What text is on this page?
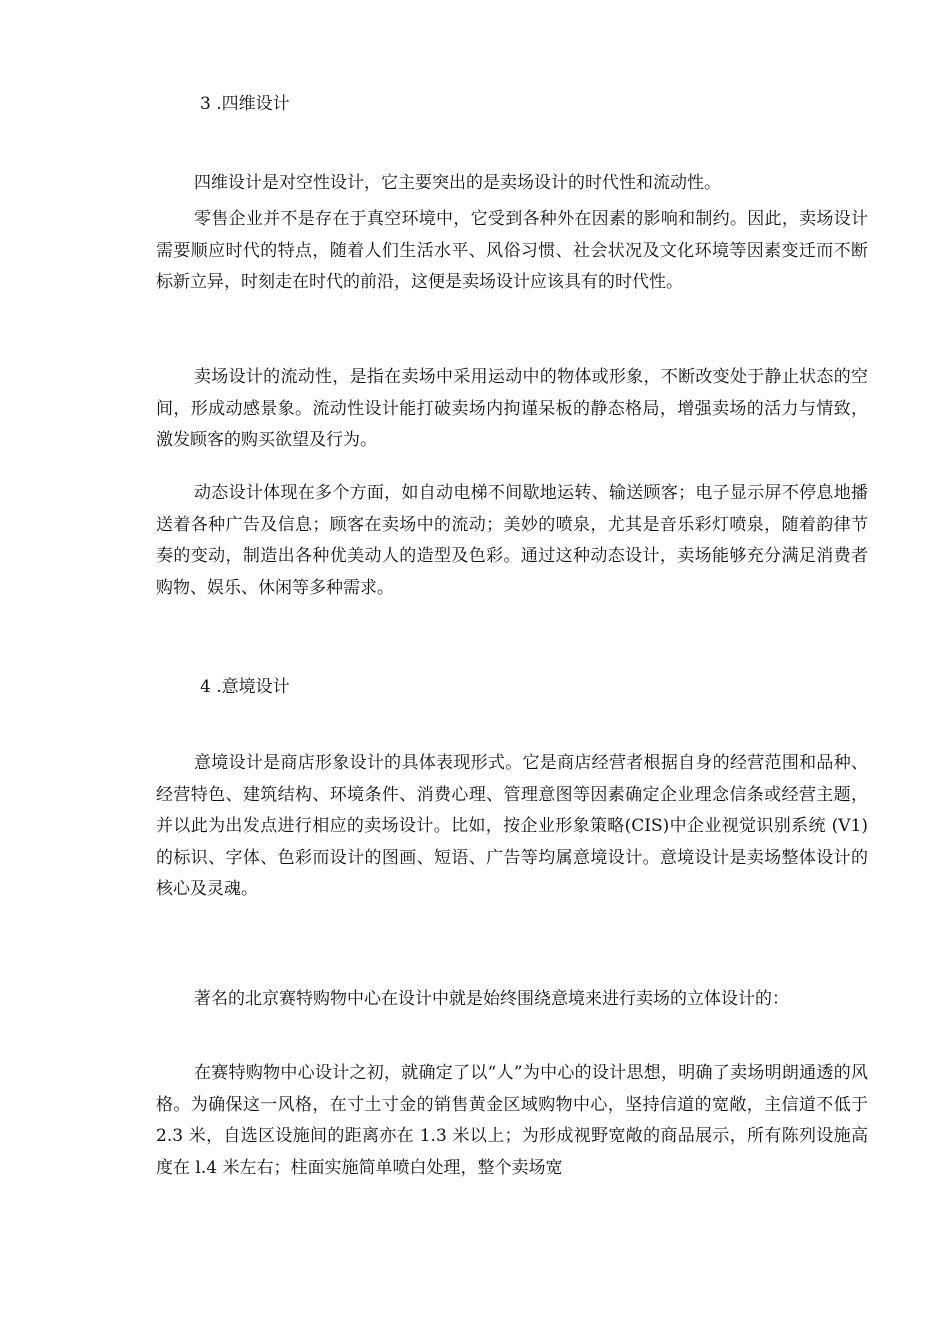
3 .四维设计

四维设计是对空性设计，它主要突出的是卖场设计的时代性和流动性。

零售企业并不是存在于真空环境中，它受到各种外在因素的影响和制约。因此，卖场设计需要顺应时代的特点，随着人们生活水平、风俗习惯、社会状况及文化环境等因素变迁而不断标新立异，时刻走在时代的前沿，这便是卖场设计应该具有的时代性。

卖场设计的流动性，是指在卖场中采用运动中的物体或形象，不断改变处于静止状态的空间，形成动感景象。流动性设计能打破卖场内拘谨呆板的静态格局，增强卖场的活力与情致，激发顾客的购买欲望及行为。

动态设计体现在多个方面，如自动电梯不间歇地运转、输送顾客；电子显示屏不停息地播送着各种广告及信息；顾客在卖场中的流动；美妙的喷泉，尤其是音乐彩灯喷泉，随着韵律节奏的变动，制造出各种优美动人的造型及色彩。通过这种动态设计，卖场能够充分满足消费者购物、娱乐、休闲等多种需求。

4 .意境设计

意境设计是商店形象设计的具体表现形式。它是商店经营者根据自身的经营范围和品种、经营特色、建筑结构、环境条件、消费心理、管理意图等因素确定企业理念信条或经营主题，并以此为出发点进行相应的卖场设计。比如，按企业形象策略(CIS)中企业视觉识别系统 (V1)的标识、字体、色彩而设计的图画、短语、广告等均属意境设计。意境设计是卖场整体设计的核心及灵魂。

著名的北京赛特购物中心在设计中就是始终围绕意境来进行卖场的立体设计的：

在赛特购物中心设计之初，就确定了以“人”为中心的设计思想，明确了卖场明朗通透的风格。为确保这一风格，在寸土寸金的销售黄金区域购物中心，坚持信道的宽敞，主信道不低于 2.3 米，自选区设施间的距离亦在 1.3 米以上；为形成视野宽敞的商品展示，所有陈列设施高度在 l.4 米左右；柱面实施简单喷白处理，整个卖场宽
